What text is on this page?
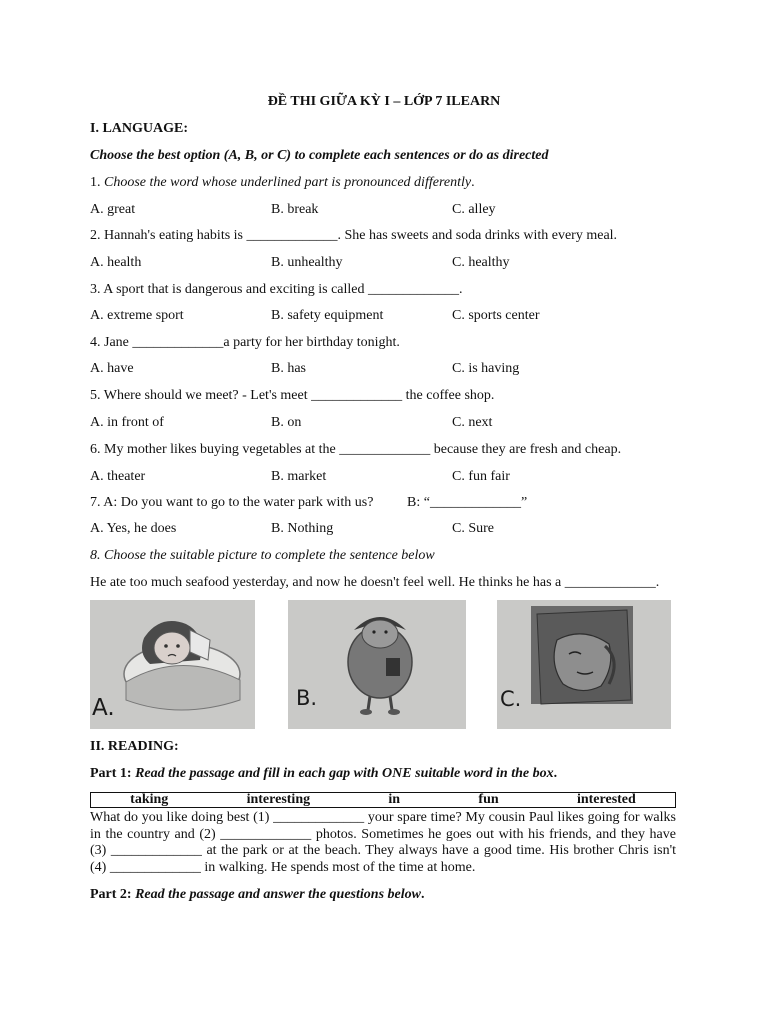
ĐỀ THI GIỮA KỲ I – LỚP 7 ILEARN
I. LANGUAGE:
Choose the best option (A, B, or C) to complete each sentences or do as directed
1. Choose the word whose underlined part is pronounced differently.
A. great	B. break	C. alley
2. Hannah's eating habits is _____________. She has sweets and soda drinks with every meal.
A. health	B. unhealthy	C. healthy
3. A sport that is dangerous and exciting is called _____________.
A. extreme sport	B. safety equipment	C. sports center
4. Jane _____________a party for her birthday tonight.
A. have	B. has	C. is having
5. Where should we meet? - Let's meet _____________ the coffee shop.
A. in front of	B. on	C. next
6. My mother likes buying vegetables at the _____________ because they are fresh and cheap.
A. theater	B. market	C. fun fair
7. A: Do you want to go to the water park with us? B: “_____________”
A. Yes, he does	B. Nothing	C. Sure
8. Choose the suitable picture to complete the sentence below
He ate too much seafood yesterday, and now he doesn't feel well. He thinks he has a _____________.
A.	B.	C.
II. READING:
Part 1: Read the passage and fill in each gap with ONE suitable word in the box.
taking	interesting	in	fun	interested
What do you like doing best (1) _____________ your spare time? My cousin Paul likes going for walks in the country and (2) _____________ photos. Sometimes he goes out with his friends, and they have (3) _____________ at the park or at the beach. They always have a good time. His brother Chris isn't (4) _____________ in walking. He spends most of the time at home.
Part 2: Read the passage and answer the questions below.
